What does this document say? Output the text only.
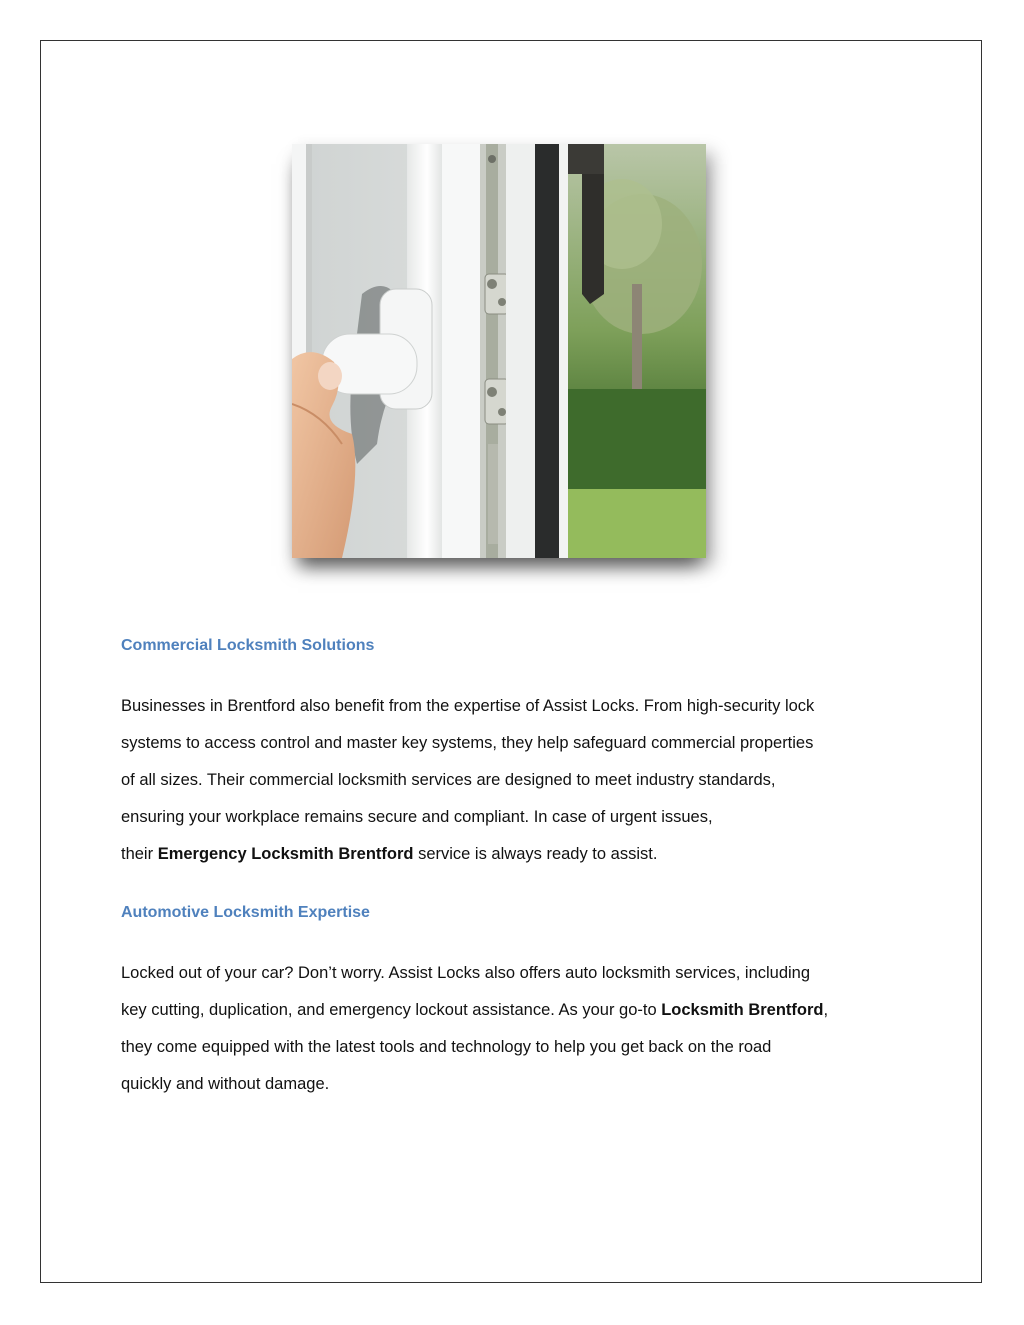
Commercial Locksmith Solutions

Businesses in Brentford also benefit from the expertise of Assist Locks. From high-security lock
systems to access control and master key systems, they help safeguard commercial properties
of all sizes. Their commercial locksmith services are designed to meet industry standards,
ensuring your workplace remains secure and compliant. In case of urgent issues,
their Emergency Locksmith Brentford service is always ready to assist.

Automotive Locksmith Expertise

Locked out of your car? Don’t worry. Assist Locks also offers auto locksmith services, including
key cutting, duplication, and emergency lockout assistance. As your go-to Locksmith Brentford,
they come equipped with the latest tools and technology to help you get back on the road
quickly and without damage.
